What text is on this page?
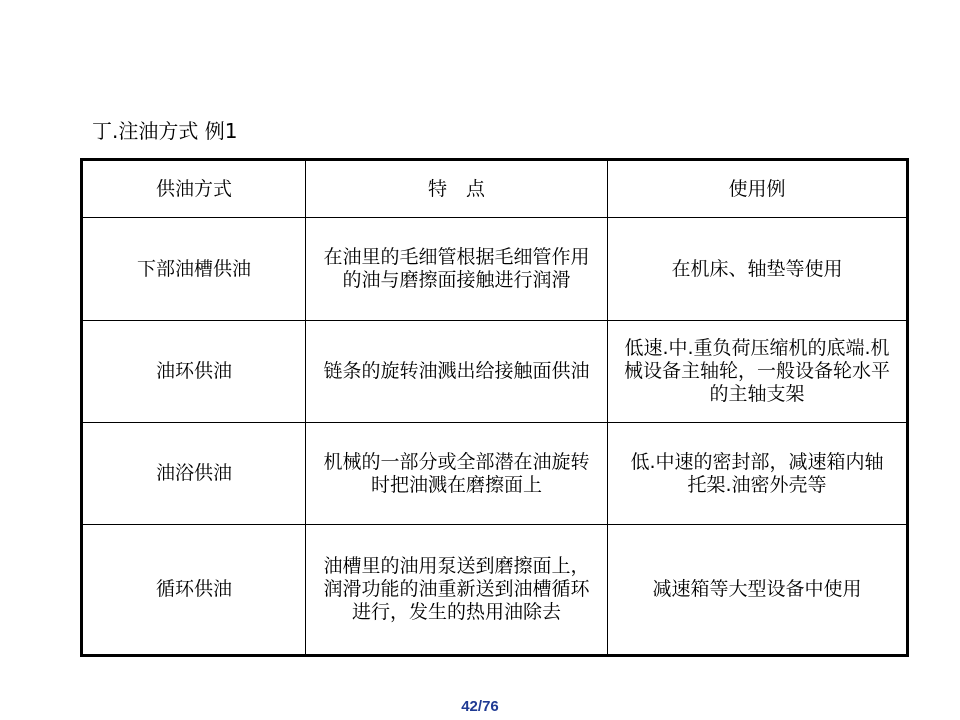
丁.注油方式 例1
供油方式	特　点	使用例
下部油槽供油	在油里的毛细管根据毛细管作用的油与磨擦面接触进行润滑	在机床、轴垫等使用
油环供油	链条的旋转油溅出给接触面供油	低速.中.重负荷压缩机的底端.机械设备主轴轮，一般设备轮水平的主轴支架
油浴供油	机械的一部分或全部潜在油旋转时把油溅在磨擦面上	低.中速的密封部，减速箱内轴托架.油密外壳等
循环供油	油槽里的油用泵送到磨擦面上，润滑功能的油重新送到油槽循环进行，发生的热用油除去	减速箱等大型设备中使用
42/76
